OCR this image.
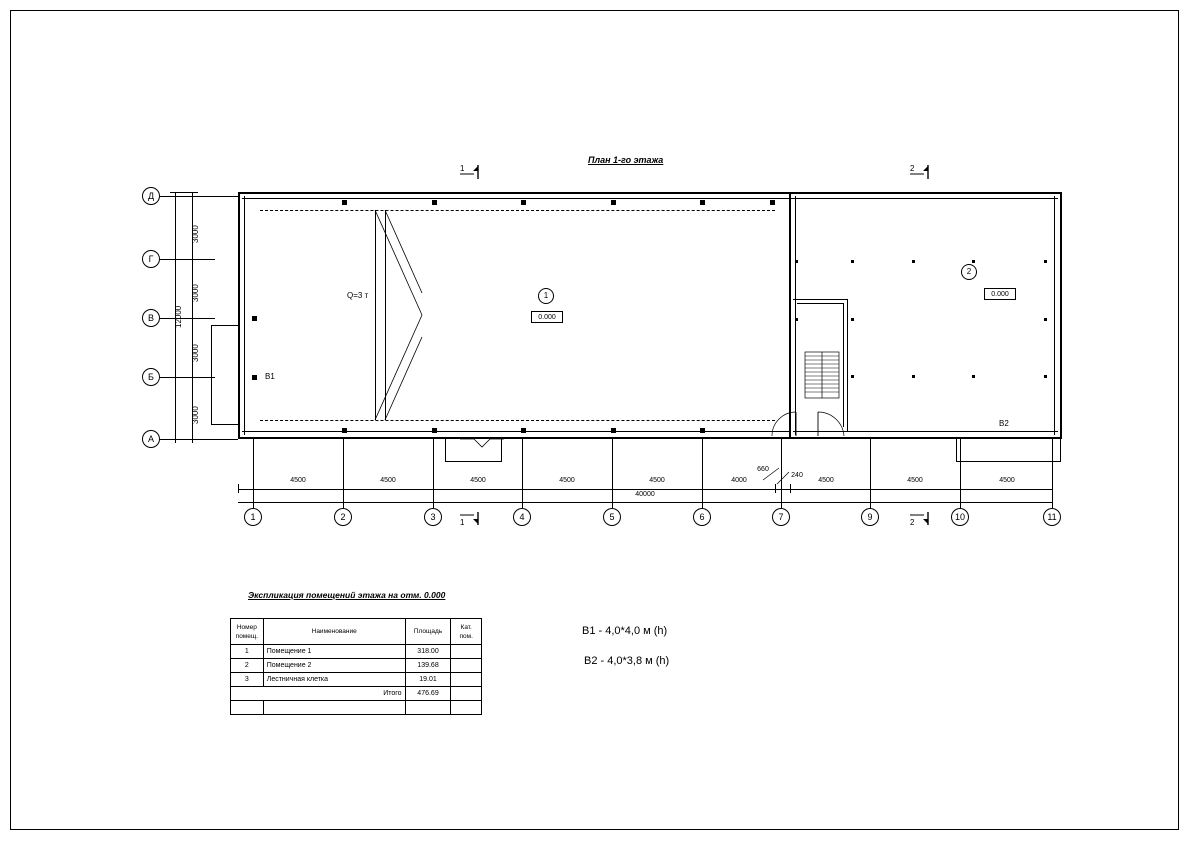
План 1-го этажа
Q=3 т
В1
В2
1
0.000
2
0.000
1	2
1	2
Д
Г
В
Б
А
3000
3000
3000
3000
12000
1	2	3	4	5	6	7	9	10	11
4500	4500	4500	4500	4500	4000
660
240
4500	4500	4500
40000
Экспликация помещений этажа на отм. 0.000
Номер помещ.	Наименование	Площадь	Кат. пом.
1	Помещение 1	318.00	
2	Помещение 2	139.68	
3	Лестничная клетка	19.01	
Итого		476.69	

В1 - 4,0*4,0 м (h)
В2 - 4,0*3,8 м (h)
